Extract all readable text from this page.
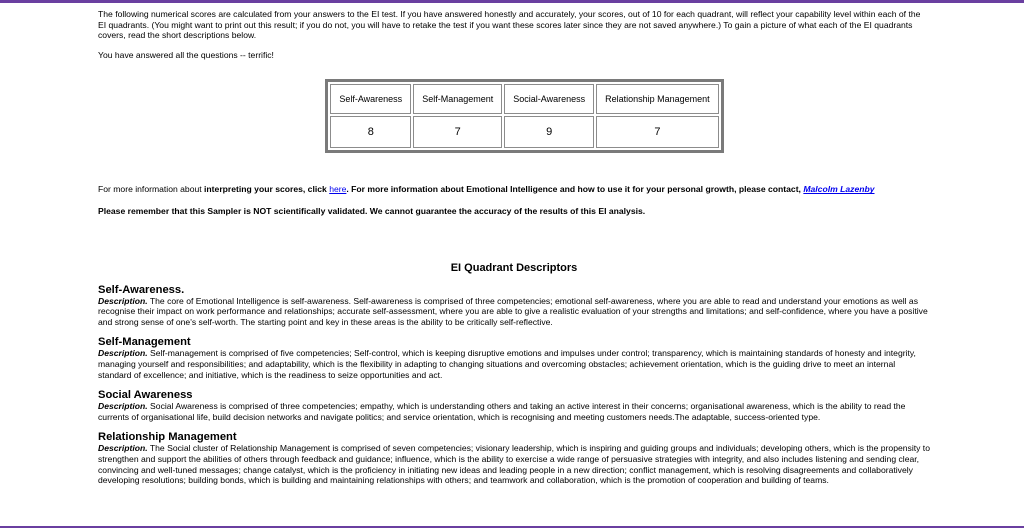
The following numerical scores are calculated from your answers to the EI test. If you have answered honestly and accurately, your scores, out of 10 for each quadrant, will reflect your capability level within each of the EI quadrants. (You might want to print out this result; if you do not, you will have to retake the test if you want these scores later since they are not saved anywhere.) To gain a picture of what each of the EI quadrants covers, read the short descriptions below.

You have answered all the questions -- terrific!

Self-Awareness	Self-Management	Social-Awareness	Relationship Management
8	7	9	7

For more information about interpreting your scores, click here. For more information about Emotional Intelligence and how to use it for your personal growth, please contact, Malcolm Lazenby

Please remember that this Sampler is NOT scientifically validated. We cannot guarantee the accuracy of the results of this EI analysis.

EI Quadrant Descriptors
Self-Awareness.

Description. The core of Emotional Intelligence is self-awareness. Self-awareness is comprised of three competencies; emotional self-awareness, where you are able to read and understand your emotions as well as recognise their impact on work performance and relationships; accurate self-assessment, where you are able to give a realistic evaluation of your strengths and limitations; and self-confidence, where you have a positive and strong sense of one's self-worth. The starting point and key in these areas is the ability to be critically self-reflective.

Self-Management

Description. Self-management is comprised of five competencies; Self-control, which is keeping disruptive emotions and impulses under control; transparency, which is maintaining standards of honesty and integrity, managing yourself and responsibilities; and adaptability, which is the flexibility in adapting to changing situations and overcoming obstacles; achievement orientation, which is the guiding drive to meet an internal standard of excellence; and initiative, which is the readiness to seize opportunities and act.

Social Awareness

Description. Social Awareness is comprised of three competencies; empathy, which is understanding others and taking an active interest in their concerns; organisational awareness, which is the ability to read the currents of organisational life, build decision networks and navigate politics; and service orientation, which is recognising and meeting customers needs.The adaptable, success-oriented type.

Relationship Management

Description. The Social cluster of Relationship Management is comprised of seven competencies; visionary leadership, which is inspiring and guiding groups and individuals; developing others, which is the propensity to strengthen and support the abilities of others through feedback and guidance; influence, which is the ability to exercise a wide range of persuasive strategies with integrity, and also includes listening and sending clear, convincing and well-tuned messages; change catalyst, which is the proficiency in initiating new ideas and leading people in a new direction; conflict management, which is resolving disagreements and collaboratively developing resolutions; building bonds, which is building and maintaining relationships with others; and teamwork and collaboration, which is the promotion of cooperation and building of teams.
